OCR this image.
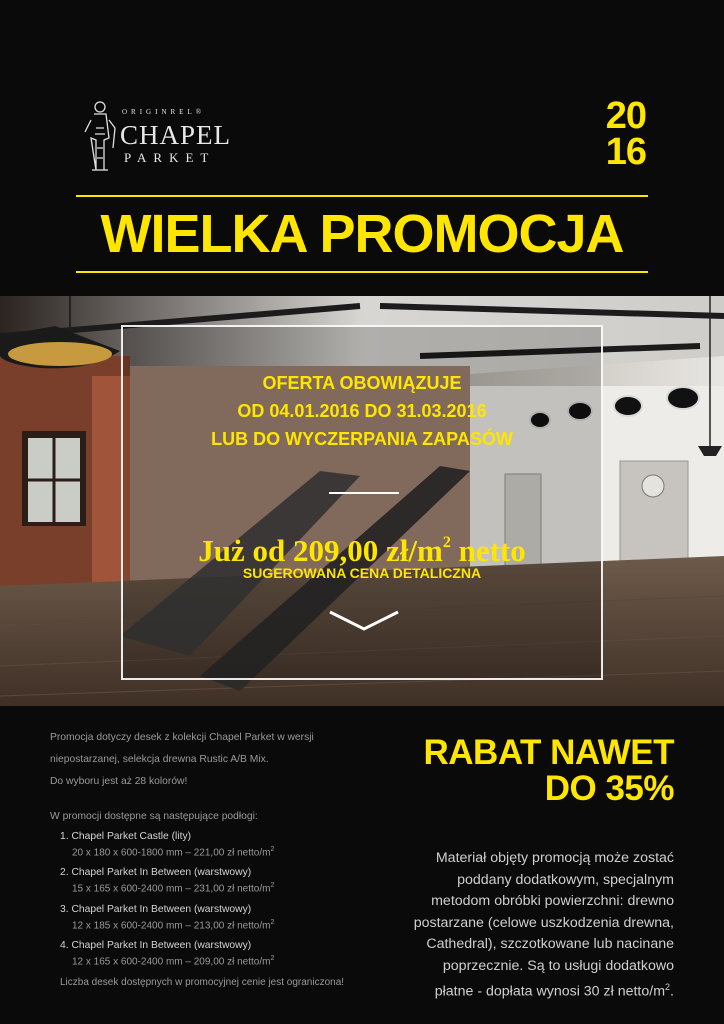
ORIGINREL®
CHAPEL
PARKET
20
16
WIELKA PROMOCJA
OFERTA OBOWIĄZUJE
OD 04.01.2016 DO 31.03.2016
LUB DO WYCZERPANIA ZAPASÓW
Już od 209,00 $zł/m^2$ netto
SUGEROWANA CENA DETALICZNA
Promocja dotyczy desek z kolekcji Chapel Parket w wersji
niepostarzanej, selekcja drewna Rustic A/B Mix.
Do wyboru jest aż 28 kolorów!
W promocji dostępne są następujące podłogi:
1. Chapel Parket Castle (lity)
20 x 180 x 600-1800 mm – 221,00 zł netto/$m^2$
2. Chapel Parket In Between (warstwowy)
15 x 165 x 600-2400 mm – 231,00 zł netto/$m^2$
3. Chapel Parket In Between (warstwowy)
12 x 185 x 600-2400 mm – 213,00 zł netto/$m^2$
4. Chapel Parket In Between (warstwowy)
12 x 165 x 600-2400 mm – 209,00 zł netto/$m^2$
Liczba desek dostępnych w promocyjnej cenie jest ograniczona!
RABAT NAWET
DO 35%
Materiał objęty promocją może zostać
poddany dodatkowym, specjalnym
metodom obróbki powierzchni: drewno
postarzane (celowe uszkodzenia drewna,
Cathedral), szczotkowane lub nacinane
poprzecznie. Są to usługi dodatkowo
płatne - dopłata wynosi 30 zł netto/$m^2$.
